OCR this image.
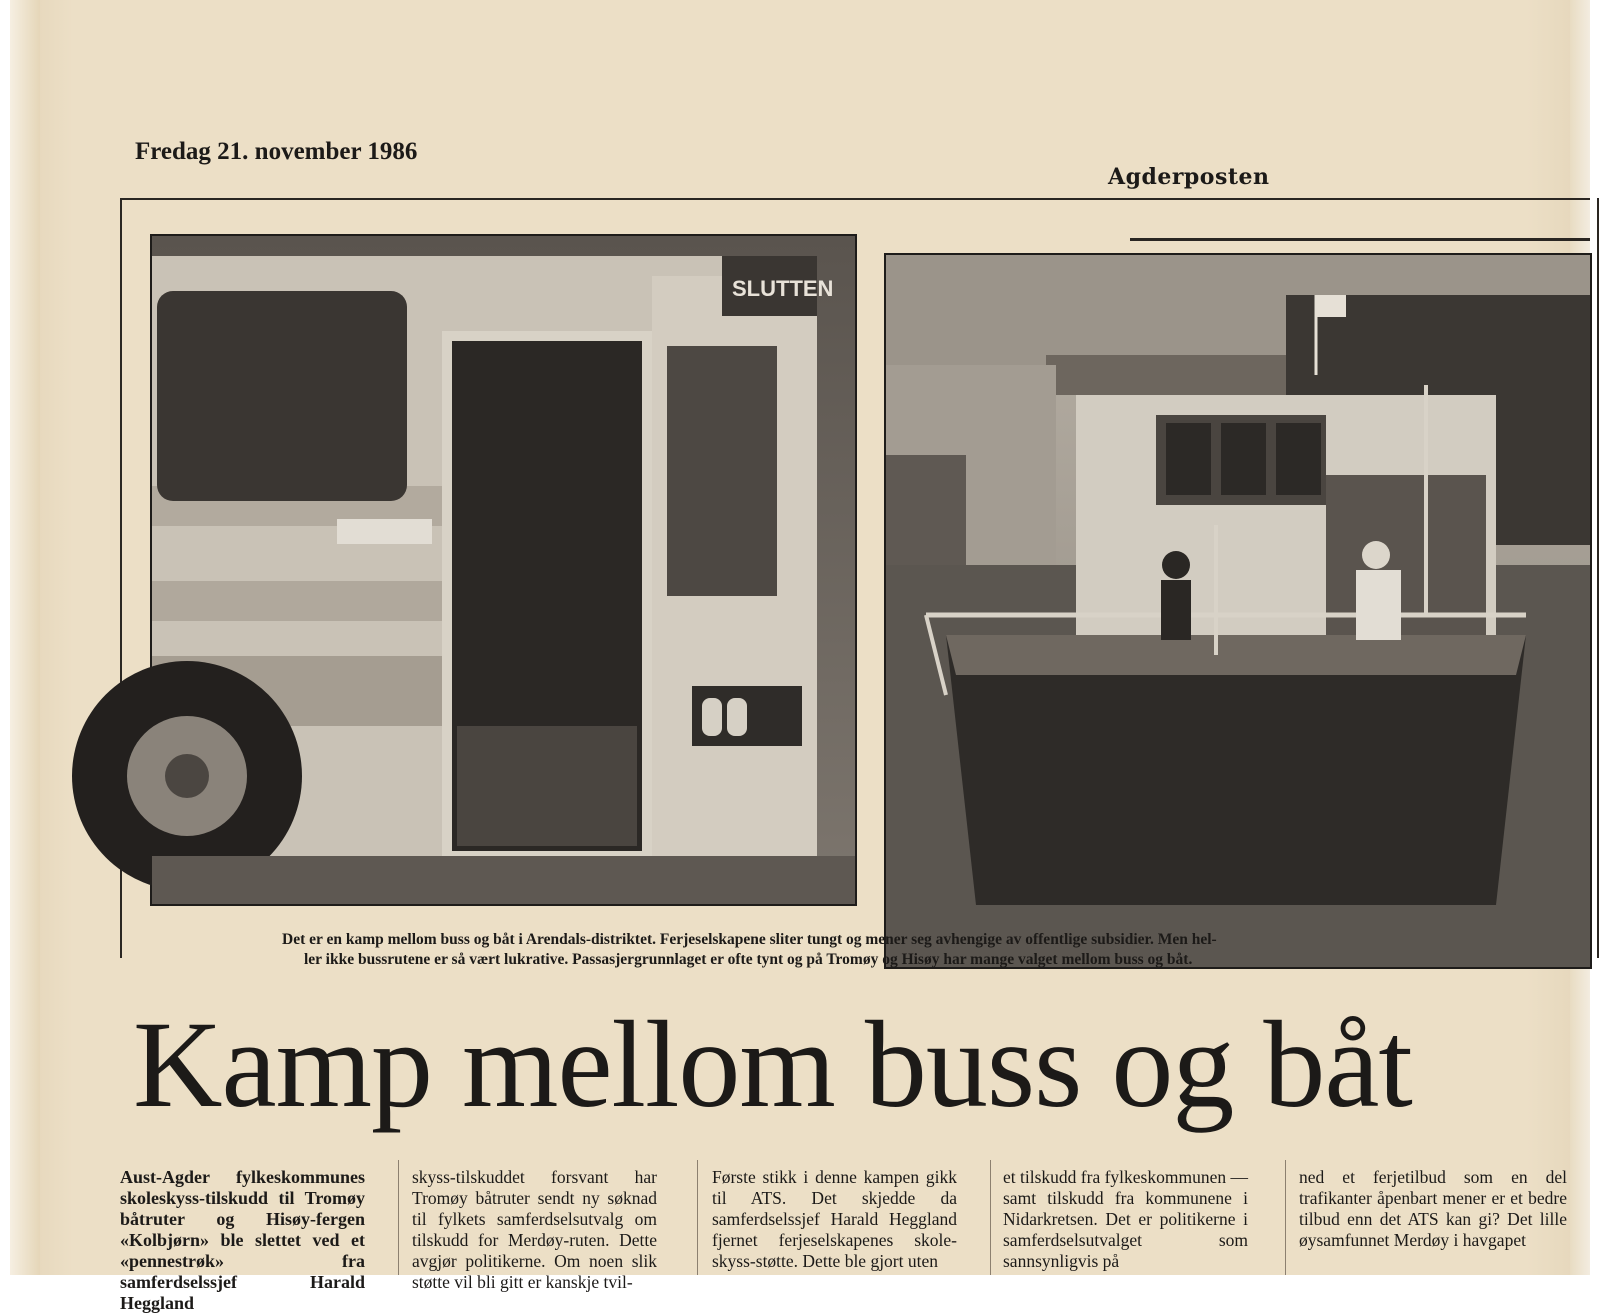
Fredag 21. november 1986
Agderposten
SLUTTEN
Det er en kamp mellom buss og båt i Arendals-distriktet. Ferjeselskapene sliter tungt og mener seg avhengige av offentlige subsidier. Men hel-
ler ikke bussrutene er så vært lukrative. Passasjergrunnlaget er ofte tynt og på Tromøy og Hisøy har mange valget mellom buss og båt.
Kamp mellom buss og båt
Aust-Agder fylkeskommunes skoleskyss-tilskudd til Tromøy båtruter og Hisøy-fergen «Kolbjørn» ble slettet ved et «pennestrøk» fra samferdselssjef Harald Heggland
skyss-tilskuddet forsvant har Tromøy båtruter sendt ny søknad til fylkets samferdselsutvalg om tilskudd for Merdøy-ruten. Dette avgjør politikerne. Om noen slik støtte vil bli gitt er kanskje tvil-
Første stikk i denne kampen gikk til ATS. Det skjedde da samferdselssjef Harald Heggland fjernet ferjeselskapenes skole-skyss-støtte. Dette ble gjort uten
et tilskudd fra fylkeskommunen — samt tilskudd fra kommunene i Nidarkretsen. Det er politikerne i samferdselsutvalget som sannsynligvis på
ned et ferjetilbud som en del trafikanter åpenbart mener er et bedre tilbud enn det ATS kan gi? Det lille øysamfunnet Merdøy i havgapet
